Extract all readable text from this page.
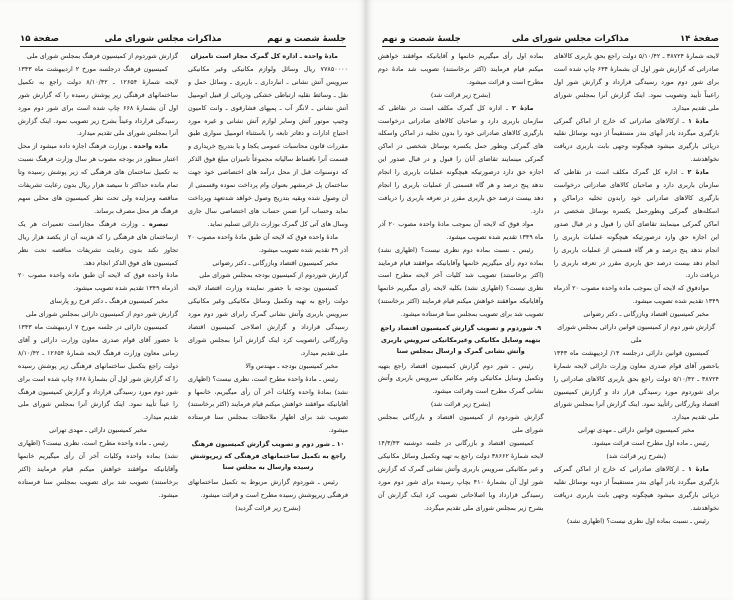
صفحة ۱۵	مذاکرات مجلس شورای ملی	جلسهٔ شصت و نهم

مادهٔ واحده ـ اداره کل گمرک مجاز است تامیزان

۷۷۸۵۰۰۰۰ ریال وسائل ولوازم مکانیکی وغیر مکانیکی سرویس آتش نشانی ـ انبارداری ـ باربری ـ وسائل حمل و نقل ـ وسائط نقلیه ارتباطی خشکی ودریائی از قبیل اتومبیل آتش نشانی ـ لانگر آب ـ پمپهای فشارقوی ـ وانت کامیون وجیپ موتور آتش وسایر لوازم آتش نشانی و غیره مورد احتیاج ادارات و دفاتر تابعه را باستثناء اتومبیل سواری طبق مقررات قانون محاسبات عمومی یکجا و یا بتدریج خریداری و قسمت آنرا باقساط سالیانه مجموعاً تامیزان مبلغ فوق الذکر که دوسنوات قبل از محل درآمد های اختصاصی خود جهت ساختمان پل خرمشهر بعنوان وام پرداخت نموده وقسمتی از آن وصول شده وبقیه بتدریج وصول خواهد شدتعهد وپرداخت نماید وحساب آنرا ضمن حساب های اختصاصی سال جاری وسال های آتی کل گمرک بوزارت دارائی تسلیم نماید.

مادهٔ واحده فوق که لایحه آن طبق مادهٔ واحده مصوب ۲۰ آذر ۴۹ تقدیم شده تصویب میشود.

مخبر کمیسیون اقتصاد وبازرگانی ـ دکتر رضوانی

گزارش شوردوم از کمیسیون بودجه بمجلس شورای ملی

کمیسیون بودجه با حضور نماینده وزارت اقتصاد لایحه دولت راجع به تهیه وتکمیل وسائل مکانیکی وغیر مکانیکی سرویس باربری وآتش نشانی گمرک رابرای شور دوم مورد رسیدگی قرارداد و گزارش اصلاحی کمیسیون اقتصاد وبازرگانی راتصویب کرد اینک گزارش آنرا بمجلس شورای ملی تقدیم میدارد.

مخبر کمیسیون بودجه ـ مهندس والا

رئیس ـ مادهٔ واحده مطرح است، نظری نیست؟ (اظهاری نشد) بمادهٔ واحده وکلیات آخر آن رأی میگیریم، خانمها و آقایانیکه موافقند خواهش میکنم قیام فرمایند (اکثر برخاستند) تصویب شد برای اظهار ملاحظات بمجلس سنا فرستاده میشود.

۱۰ ـ شور دوم و تصویب گزارش کمیسیون فرهنگ راجع به تکمیل ساختمانهای فرهنگی که زیرپوشش رسیده وارسال به مجلس سنا

رئیس ـ شوردوم گزارش مربوط به تکمیل ساختمانهای فرهنگی زیرپوشش رسیده مطرح است و قرائت میشود.

(بشرح زیر قرائت گردید)

گزارش شوردوم از کمیسیون فرهنگ بمجلس شورای ملی

کمیسیون فرهنگ درجلسه مورخ ۲ اردیبهشت ماه ۱۳۴۳ لایحه شمارهٔ ۱۲۶۵۴ ـ ۸/۱۰/۴۲ دولت راجع به تکمیل ساختمانهای فرهنگی زیر پوشش رسیده را که گزارش شور اول آن بشمارهٔ ۶۶۸ چاپ شده است برای شور دوم مورد رسیدگی قرارداد وعیناً بشرح زیر تصویب نمود. اینک گزارش آنرا بمجلس شورای ملی تقدیم میدارد.

ماده واحده ـ بوزارت فرهنگ اجازه داده میشود از محل اعتبار منظور در بودجه مصوب هر سال وزارت فرهنگ نسبت به تکمیل ساختمان های فرهنگی که زیر پوشش رسیده وتا تمام مانده حداکثر تا سیصد هزار ریال بدون رعایت تشریفات مناقصه ومزایده ولی تحت نظر کمیسیون های محلی سهم فرهنگ هر محل مصرف برساند.

تبصره ـ وزارت فرهنگ مجازاست تعمیرات هر یک ازساختمان های فرهنگی را که هزینه آن از یکصد هزار ریال تجاوز نکند بدون رعایت تشریفات مناقصه تحت نظر کمیسیون های فوق الذکر انجام دهد.

مادهٔ واحده فوق که لایحه آن طبق ماده واحده مصوب ۲۰ آذرماه ۱۳۴۹ تقدیم شده تصویب میشود.

مخبر کمیسیون فرهنگ ـ دکتر فرخ رو پارسای

گزارش شور دوم از کمیسیون دارائی بمجلس شورای ملی

کمیسیون دارائی در جلسه مورخ ۷ اردیبهشت ماه ۱۳۴۳ با حضور آقای قوام صدری معاون وزارت دارائی و آقای زمانی معاون وزارت فرهنگ لایحه شمارهٔ ۱۲۶۵۴ ـ ۸/۱۰/۴۲ دولت راجع بتکمیل ساختمانهای فرهنگی زیر پوشش رسیده را که گزارش شور اول آن بشمارهٔ ۶۶۸ چاپ شده است برای شور دوم مورد رسیدگی قرارداد و گزارش کمیسیون فرهنگ را عیناً تأیید نمود. اینک گزارش آنرا بمجلس شورای ملی تقدیم میدارد.

مخبر کمیسیون دارائی ـ مهدی تهرانی

رئیس ـ ماده واحده مطرح است، نظری نیست؟ (اظهاری نشد) بماده واحده وکلیات آخر آن رأی میگیریم خانمها وآقایانیکه موافقند خواهش میکنم قیام فرمایند (اکثر برخاستند) تصویب شد برای تصویب بمجلس سنا فرستاده میشود.

صفحهٔ ۱۴
مذاکرات مجلس شورای ملی
جلسهٔ شصت و نهم

لایحه شمارهٔ ۳۸۷۲۴ ـ ۵/۱۰/۴۲ دولت راجع بحق باربری کالاهای صادراتی که گزارش شور اول آن بشمارهٔ ۶۳۴ چاپ شده است برای شور دوم مورد رسیدگی قرارداد و گزارش شور اول راعیناً تأیید وتصویب نمود. اینک گزارش آنرا بمجلس شورای ملی تقدیم میدارد.

مادهٔ ۱ ـ ازکالاهای صادراتی که خارج از اماکن گمرکی بارگیری میگردد یادر آبهای بندر مستقیماً از دوبه بوسائل نقلیه دریائی بارگیری میشود هیچگونه وجهی بابت باربری دریافت نخواهدشد.

مادهٔ ۲ ـ اداره کل گمرک مکلف است در نقاطی که سازمان باربری دارد و صاحبان کالاهای صادراتی درخواست بارگیری کالاهای صادراتی خود رابدون تخلیه دراماکن و اسکله‌های گمرکی وبطورحمل یکسره بوسائل شخصی در اماکن گمرکی مینمایند تقاضای آنان را قبول و در قبال صدور این اجازه حق وارد درصورتیکه هیچگونه عملیات باربری را انجام ندهد پنج درصد و هر گاه قسمتی از عملیات باربری را انجام دهد بیست درصد حق باربری مقرر در تعرفه باربری را دریافت دارد.

موادفوق که لایحه آن بموجب ماده واحده مصوب ۲۰ آذرماه ۱۳۴۹ تقدیم شده تصویب میشود.

مخبر کمیسیون اقتصاد وبازرگانی ـ دکتر رضوانی

گزارش شور دوم از کمیسیون قوانین دارائی بمجلس شورای ملی

کمیسیون قوانین دارائی درجلسه ۱۴/ اردیبهشت ماه ۱۳۴۳ باحضور آقای قوام صدری معاون وزارت دارائی لایحه شمارهٔ ۳۸۷۲۴ ـ ۵/۱۰/۴۲ دولت راجع بحق باربری کالاهای صادراتی را برای شوردوم مورد رسیدگی قرار داد و گزارش کمیسیون اقتصاد وبازرگانی راتأیید نمود. اینک گزارش آنرا بمجلس شورای ملی تقدیم میدارد.

مخبر کمیسیون قوانین دارائی ـ مهدی تهرانی

رئیس ـ ماده اول مطرح است قرائت میشود.

(بشرح زیر قرائت شد)

مادهٔ ۱ ـ ازکالاهای صادراتی که خارج از اماکن گمرکی بارگیری میگردد یادر آبهای بندر مستقیماً از دوبه بوسائل نقلیه دریائی بارگیری میشود هیچگونه وجهی بابت باربری دریافت نخواهدشد.

رئیس ـ نسبت بماده اول نظری نیست؟ (اظهاری نشد)

بماده اول رأی میگیریم خانمها و آقایانیکه موافقند خواهش میکنم قیام فرمایند (اکثر برخاستند) تصویب شد مادهٔ دوم مطرح است و قرائت میشود.

(بشرح زیر قرائت شد)

مادهٔ ۲ ـ اداره کل گمرک مکلف است در نقاطی که سازمان باربری دارد و صاحبان کالاهای صادراتی درخواست بارگیری کالاهای صادراتی خود را بدون تخلیه در اماکن واسکله های گمرکی وبطور حمل یکسره بوسائل شخصی در اماکن گمرکی مینمایند تقاضای آنان را قبول و در قبال صدور این اجازه حق دارد درصورتیکه هیچگونه عملیات باربری را انجام ندهد پنج درصد و هر گاه قسمتی از عملیات باربری را انجام دهد بیست درصد حق باربری مقرر در تعرفه باربری را دریافت دارد.

مواد فوق که لایحه آن بموجب مادهٔ واحده مصوب ۲۰ آذر ماه ۱۳۴۹ تقدیم شده تصویب میشود.

رئیس ـ نسبت بماده دوم نظری نیست؟ (اظهاری نشد) بماده دوم رأی میگیریم خانمها وآقایانیکه موافقند قیام فرمایند (اکثر برخاستند) تصویب شد کلیات آخر لایحه مطرح است نظری نیست؟ (اظهاری نشد) بکلیه لایحه رأی میگیریم خانمها وآقایانیکه موافقند خواهش میکنم قیام فرمایند (اکثر برخاستند) تصویب شد برای تصویب بمجلس سنا فرستاده میشود.

۹ـ شوردوم و تصویب گزارش کمیسیون اقتصاد راجع بتهیه وسایل مکانیکی وغیرمکانیکی سرویس باربری وآتش نشانی گمرک و ارسال بمجلس سنا

رئیس ـ شور دوم گزارش کمیسیون اقتصاد راجع بتهیه وتکمیل وسایل مکانیکی وغیر مکانیکی سرویس باربری وآتش نشانی گمرک مطرح است وقرائت میشود.

(بشرح زیر قرائت شد)

گزارش شوردوم از کمیسیون اقتصاد و بازرگانی بمجلس شورای ملی

کمیسیون اقتصاد و بازرگانی در جلسه دوشنبه ۱۴/۳/۴۳ لایحه شمارهٔ ۳۸۶۶۲ دولت راجع به تهیه وتکمیل وسائل مکانیکی و غیر مکانیکی سرویس باربری وآتش نشانی گمرک که گزارش شور اول آن بشمارهٔ ۴۱۰ بچاپ رسیده برای شور دوم مورد رسیدگی قرارداد وبا اصلاحاتی تصویب کرد اینک گزارش آن بشرح زیر بمجلس شورای ملی تقدیم میگردد.
